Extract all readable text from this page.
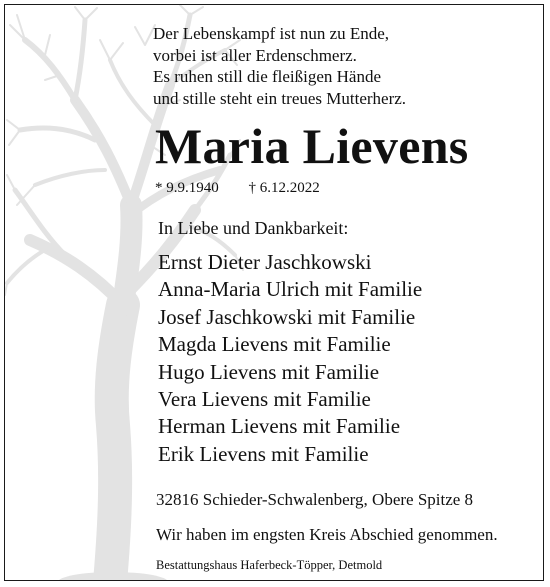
Der Lebenskampf ist nun zu Ende,
vorbei ist aller Erdenschmerz.
Es ruhen still die fleißigen Hände
und stille steht ein treues Mutterherz.
Maria Lievens
* 9.9.1940 † 6.12.2022
In Liebe und Dankbarkeit:
Ernst Dieter Jaschkowski
Anna-Maria Ulrich mit Familie
Josef Jaschkowski mit Familie
Magda Lievens mit Familie
Hugo Lievens mit Familie
Vera Lievens mit Familie
Herman Lievens mit Familie
Erik Lievens mit Familie
32816 Schieder-Schwalenberg, Obere Spitze 8
Wir haben im engsten Kreis Abschied genommen.
Bestattungshaus Haferbeck-Töpper, Detmold
